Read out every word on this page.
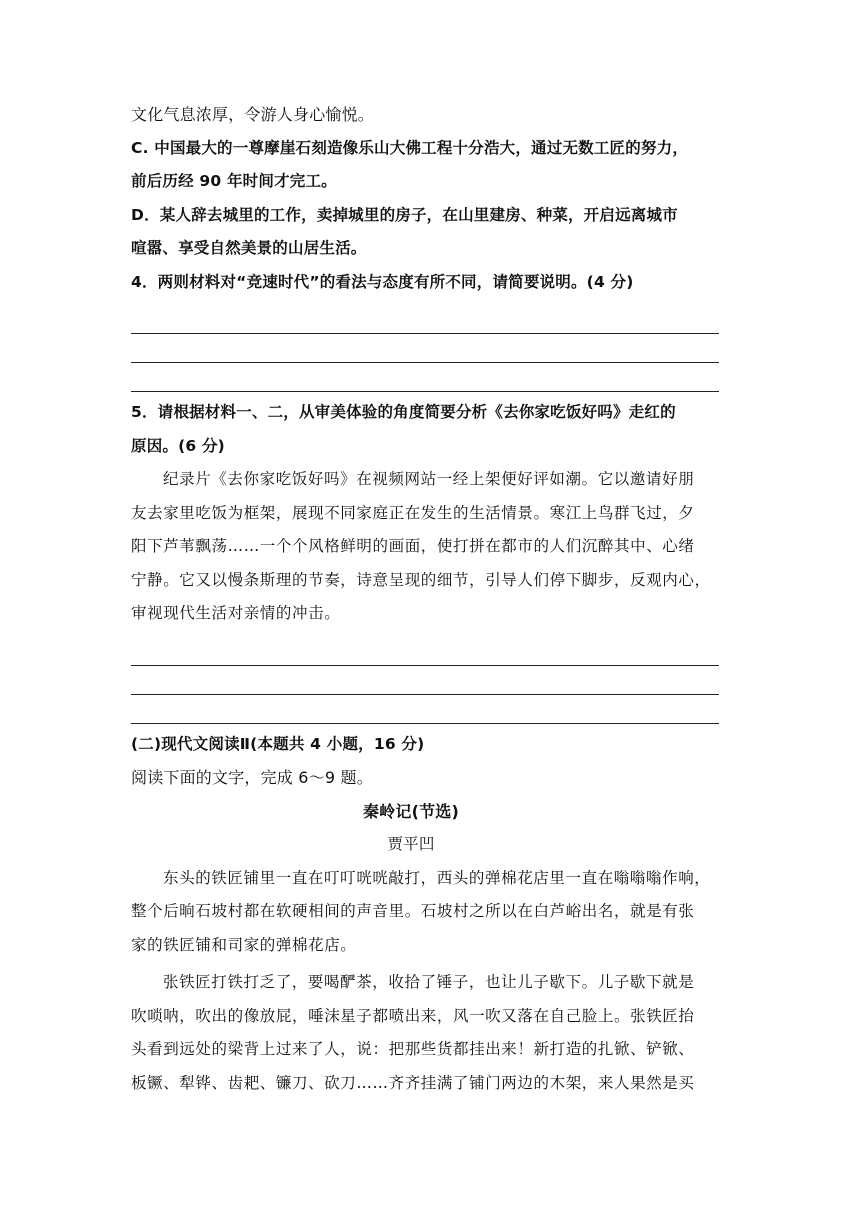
文化气息浓厚，令游人身心愉悦。
C. 中国最大的一尊摩崖石刻造像乐山大佛工程十分浩大，通过无数工匠的努力，
前后历经 90 年时间才完工。
D．某人辞去城里的工作，卖掉城里的房子，在山里建房、种菜，开启远离城市
喧嚣、享受自然美景的山居生活。
4．两则材料对“竞速时代”的看法与态度有所不同，请简要说明。(4 分)
5．请根据材料一、二，从审美体验的角度简要分析《去你家吃饭好吗》走红的
原因。(6 分)
纪录片《去你家吃饭好吗》在视频网站一经上架便好评如潮。它以邀请好朋
友去家里吃饭为框架，展现不同家庭正在发生的生活情景。寒江上鸟群飞过，夕
阳下芦苇飘荡……一个个风格鲜明的画面，使打拼在都市的人们沉醉其中、心绪
宁静。它又以慢条斯理的节奏，诗意呈现的细节，引导人们停下脚步，反观内心，
审视现代生活对亲情的冲击。
(二)现代文阅读Ⅱ(本题共 4 小题，16 分)
阅读下面的文字，完成 6～9 题。
秦岭记(节选)
贾平凹
东头的铁匠铺里一直在叮叮咣咣敲打，西头的弹棉花店里一直在嗡嗡嗡作响，
整个后晌石坡村都在软硬相间的声音里。石坡村之所以在白芦峪出名，就是有张
家的铁匠铺和司家的弹棉花店。
张铁匠打铁打乏了，要喝酽茶，收拾了锤子，也让儿子歇下。儿子歇下就是
吹唢呐，吹出的像放屁，唾沫星子都喷出来，风一吹又落在自己脸上。张铁匠抬
头看到远处的梁背上过来了人，说：把那些货都挂出来！新打造的扎锨、铲锨、
板镢、犁铧、齿耙、镰刀、砍刀……齐齐挂满了铺门两边的木架，来人果然是买
